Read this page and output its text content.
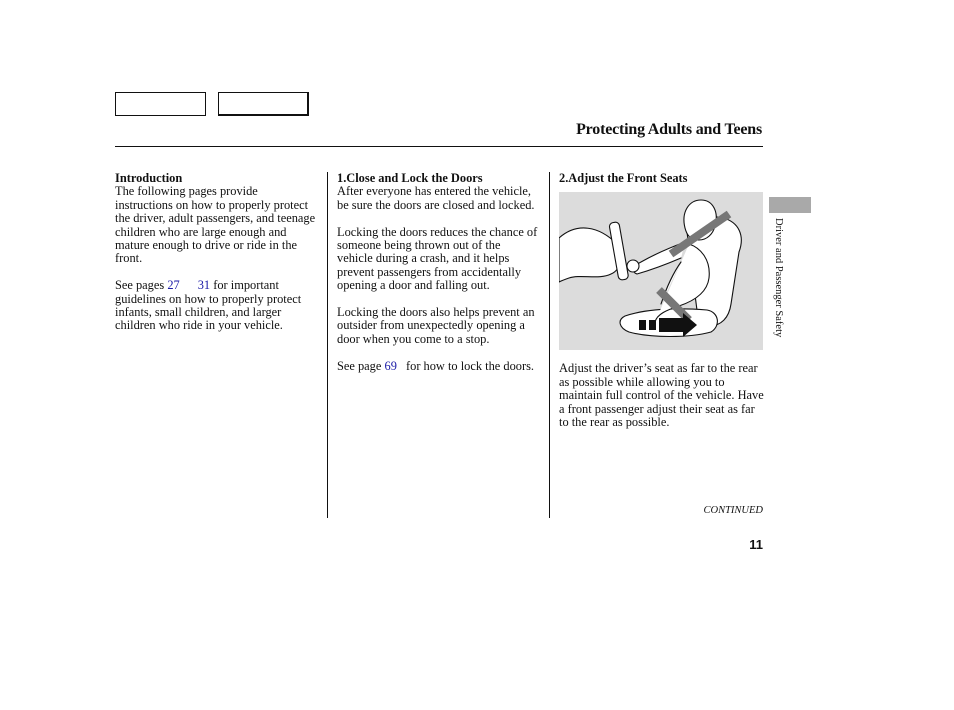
Protecting Adults and Teens
Introduction

The following pages provide instructions on how to properly protect the driver, adult passengers, and teenage children who are large enough and mature enough to drive or ride in the front.

See pages 27 31 for important guidelines on how to properly protect infants, small children, and larger children who ride in your vehicle.

1.Close and Lock the Doors

After everyone has entered the vehicle, be sure the doors are closed and locked.

Locking the doors reduces the chance of someone being thrown out of the vehicle during a crash, and it helps prevent passengers from accidentally opening a door and falling out.

Locking the doors also helps prevent an outsider from unexpectedly opening a door when you come to a stop.

See page 69 for how to lock the doors.

2.Adjust the Front Seats

Adjust the driver’s seat as far to the rear as possible while allowing you to maintain full control of the vehicle. Have a front passenger adjust their seat as far to the rear as possible.

Driver and Passenger Safety
CONTINUED
11
